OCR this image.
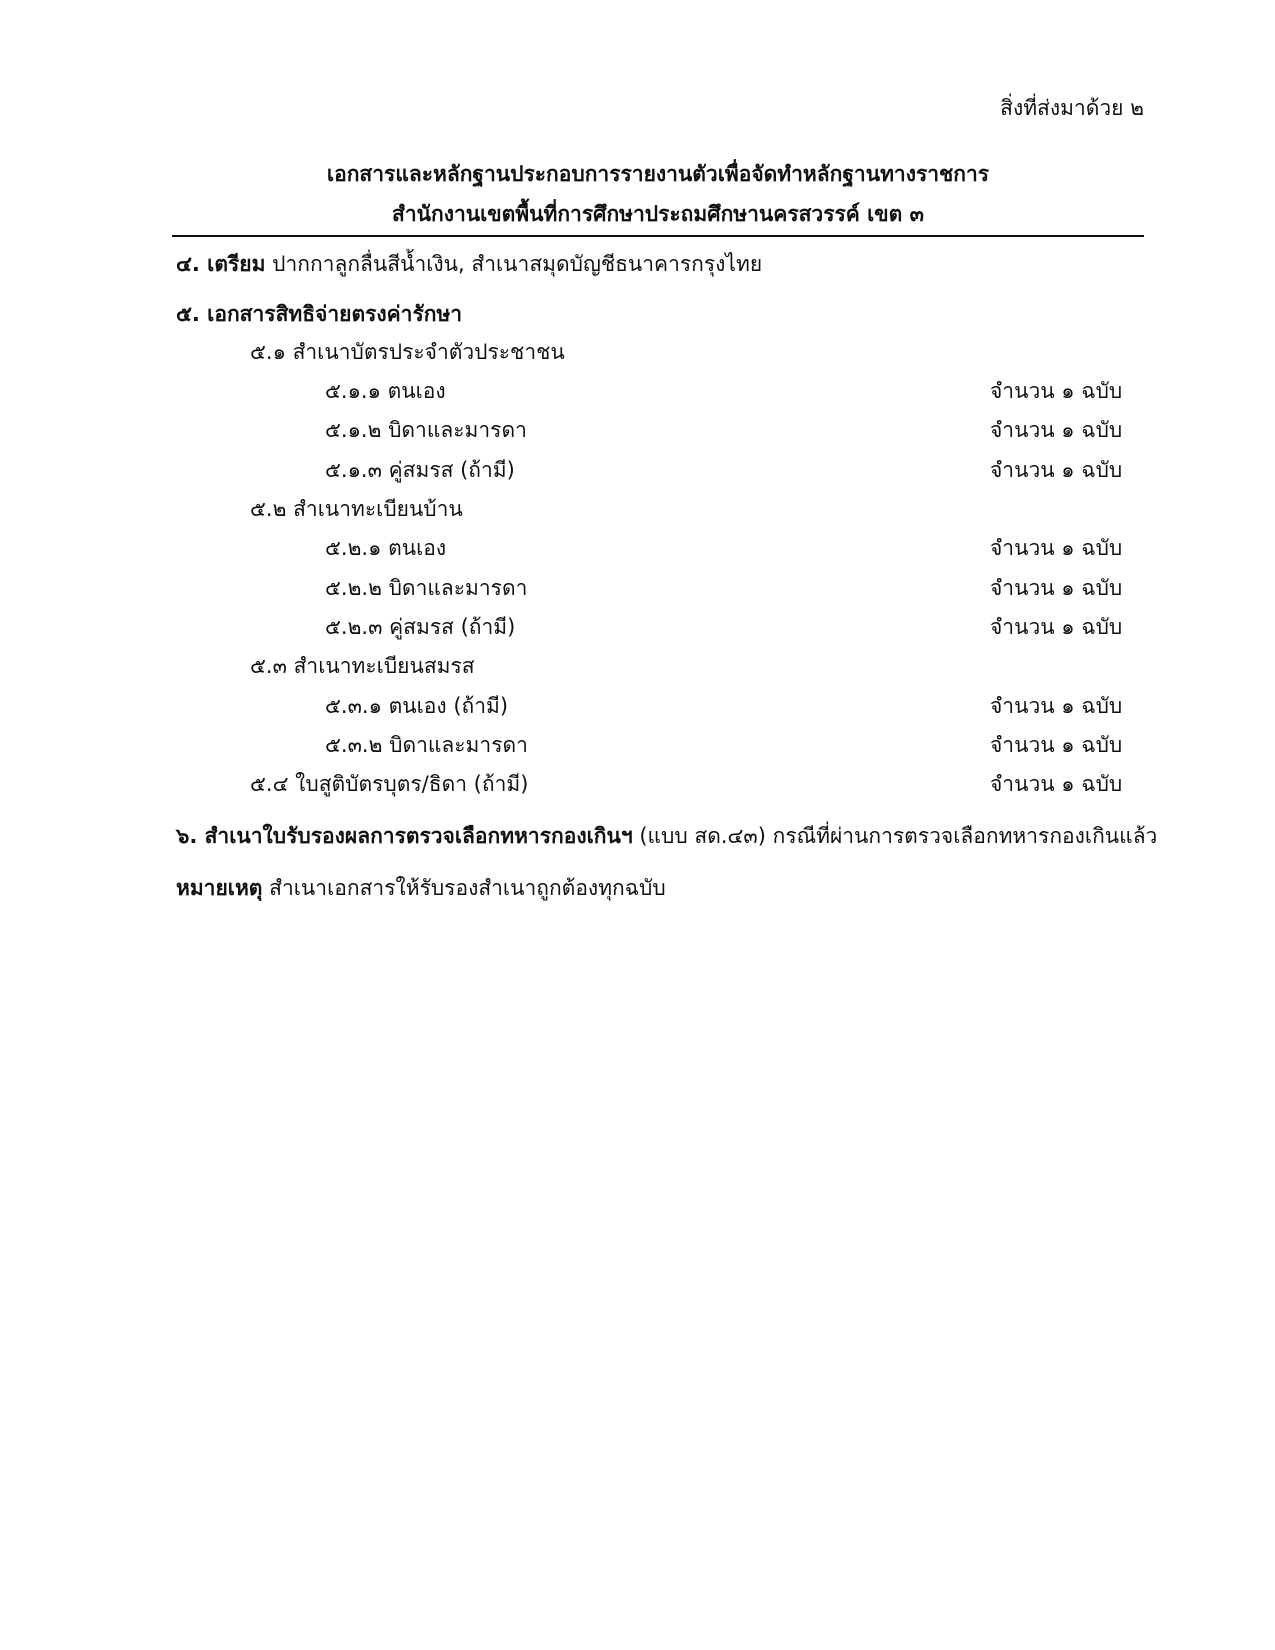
สิ่งที่ส่งมาด้วย ๒
เอกสารและหลักฐานประกอบการรายงานตัวเพื่อจัดทำหลักฐานทางราชการ
สำนักงานเขตพื้นที่การศึกษาประถมศึกษานครสวรรค์ เขต ๓
๔. เตรียม ปากกาลูกลื่นสีน้ำเงิน, สำเนาสมุดบัญชีธนาคารกรุงไทย
๕. เอกสารสิทธิจ่ายตรงค่ารักษา
๕.๑ สำเนาบัตรประจำตัวประชาชน
๕.๑.๑ ตนเอง	จำนวน ๑ ฉบับ
๕.๑.๒ บิดาและมารดา	จำนวน ๑ ฉบับ
๕.๑.๓ คู่สมรส (ถ้ามี)	จำนวน ๑ ฉบับ
๕.๒ สำเนาทะเบียนบ้าน
๕.๒.๑ ตนเอง	จำนวน ๑ ฉบับ
๕.๒.๒ บิดาและมารดา	จำนวน ๑ ฉบับ
๕.๒.๓ คู่สมรส (ถ้ามี)	จำนวน ๑ ฉบับ
๕.๓ สำเนาทะเบียนสมรส
๕.๓.๑ ตนเอง (ถ้ามี)	จำนวน ๑ ฉบับ
๕.๓.๒ บิดาและมารดา	จำนวน ๑ ฉบับ
๕.๔ ใบสูติบัตรบุตร/ธิดา (ถ้ามี)	จำนวน ๑ ฉบับ
๖. สำเนาใบรับรองผลการตรวจเลือกทหารกองเกินฯ (แบบ สด.๔๓) กรณีที่ผ่านการตรวจเลือกทหารกองเกินแล้ว
หมายเหตุ สำเนาเอกสารให้รับรองสำเนาถูกต้องทุกฉบับ
